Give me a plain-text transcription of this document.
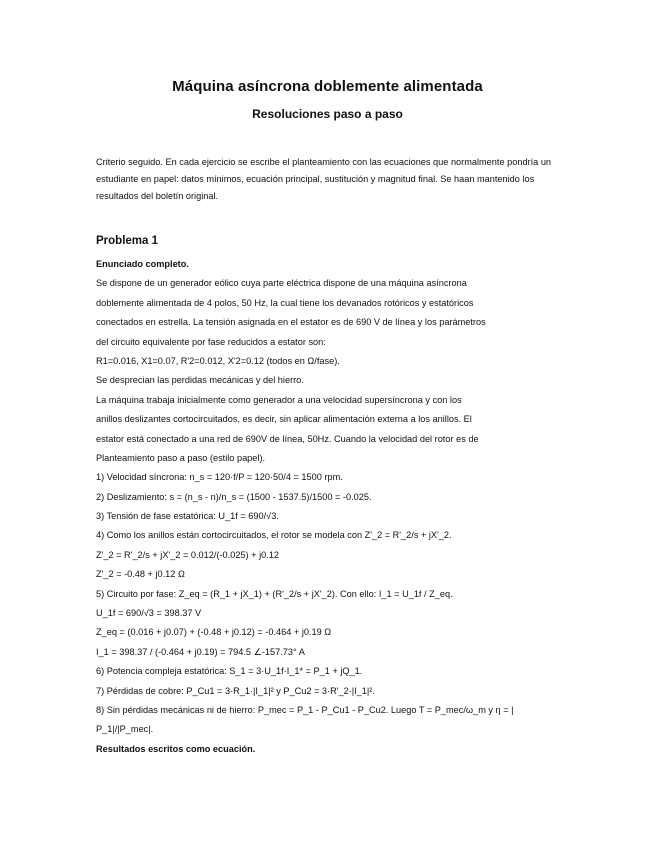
Máquina asíncrona doblemente alimentada
Resoluciones paso a paso

Criterio seguido. En cada ejercicio se escribe el planteamiento con las ecuaciones que normalmente pondría un estudiante en papel: datos mínimos, ecuación principal, sustitución y magnitud final. Se haan mantenido los resultados del boletín original.

Problema 1
Enunciado completo.
Se dispone de un generador eólico cuya parte eléctrica dispone de una máquina asíncrona
doblemente alimentada de 4 polos, 50 Hz, la cual tiene los devanados rotóricos y estatóricos
conectados en estrella. La tensión asignada en el estator es de 690 V de línea y los parámetros
del circuito equivalente por fase reducidos a estator son:
R1=0.016, X1=0.07, R'2=0.012, X'2=0.12 (todos en Ω/fase).
Se desprecian las perdidas mecánicas y del hierro.
La máquina trabaja inicialmente como generador a una velocidad supersíncrona y con los
anillos deslizantes cortocircuitados, es decir, sin aplicar alimentación externa a los anillos. El
estator está conectado a una red de 690V de línea, 50Hz. Cuando la velocidad del rotor es de
Planteamiento paso a paso (estilo papel).
1) Velocidad síncrona: n_s = 120·f/P = 120·50/4 = 1500 rpm.
2) Deslizamiento: s = (n_s - n)/n_s = (1500 - 1537.5)/1500 = -0.025.
3) Tensión de fase estatórica: U_1f = 690/√3.
4) Como los anillos están cortocircuitados, el rotor se modela con Z'_2 = R'_2/s + jX'_2.
Z'_2 = R'_2/s + jX'_2 = 0.012/(-0.025) + j0.12
Z'_2 = -0.48 + j0.12 Ω
5) Circuito por fase: Z_eq = (R_1 + jX_1) + (R'_2/s + jX'_2). Con ello: I_1 = U_1f / Z_eq.
U_1f = 690/√3 = 398.37 V
Z_eq = (0.016 + j0.07) + (-0.48 + j0.12) = -0.464 + j0.19 Ω
I_1 = 398.37 / (-0.464 + j0.19) = 794.5 ∠-157.73° A
6) Potencia compleja estatórica: S_1 = 3·U_1f·I_1* = P_1 + jQ_1.
7) Pérdidas de cobre: P_Cu1 = 3·R_1·|I_1|² y P_Cu2 = 3·R'_2·|I_1|².
8) Sin pérdidas mecánicas ni de hierro: P_mec = P_1 - P_Cu1 - P_Cu2. Luego T = P_mec/ω_m y η = |
P_1|/|P_mec|.
Resultados escritos como ecuación.
